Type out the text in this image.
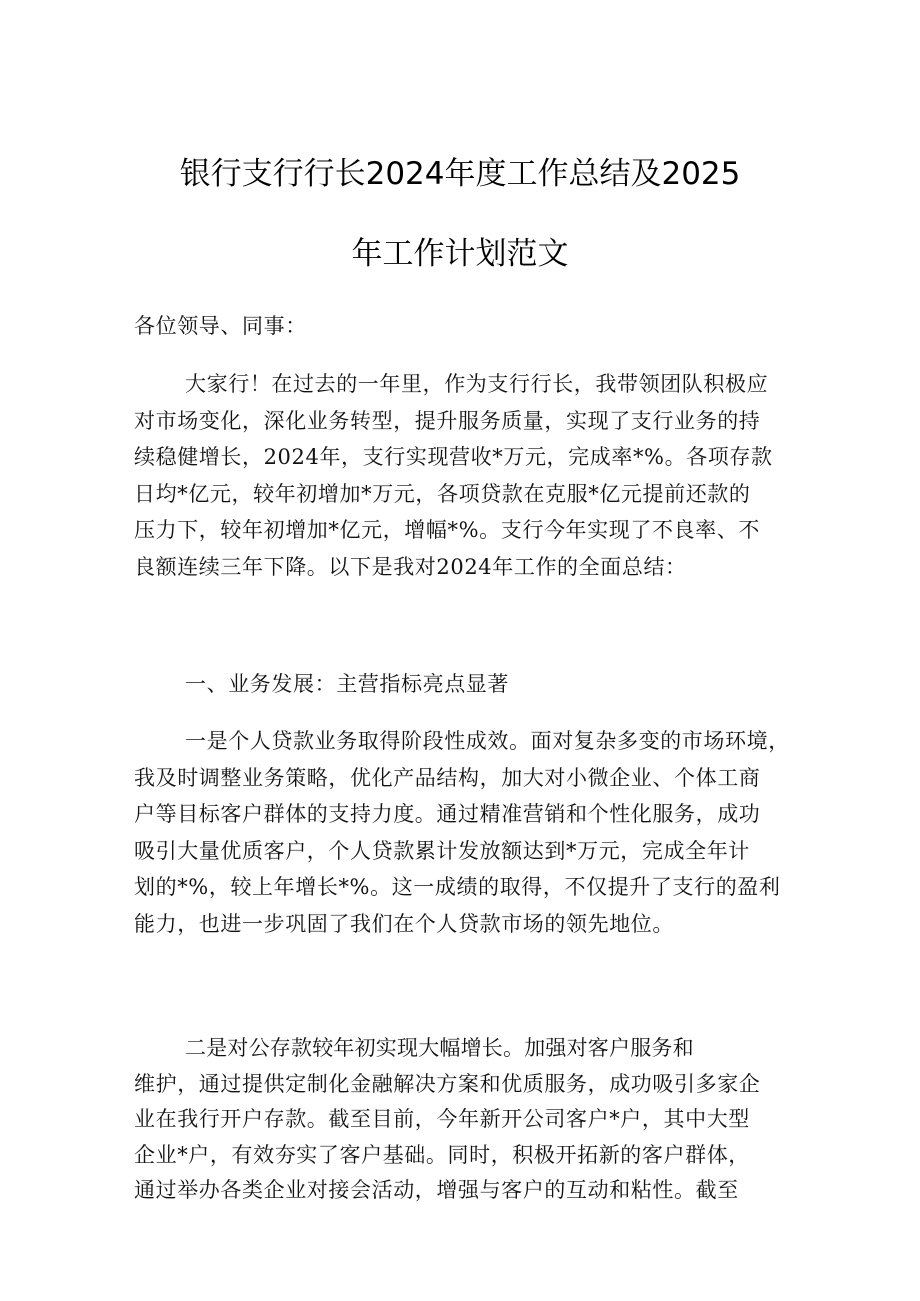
银行支行行长2024年度工作总结及2025
年工作计划范文
各位领导、同事：
大家行！在过去的一年里，作为支行行长，我带领团队积极应
对市场变化，深化业务转型，提升服务质量，实现了支行业务的持
续稳健增长，2024年，支行实现营收*万元，完成率*%。各项存款
日均*亿元，较年初增加*万元，各项贷款在克服*亿元提前还款的
压力下，较年初增加*亿元，增幅*%。支行今年实现了不良率、不
良额连续三年下降。以下是我对2024年工作的全面总结：
一、业务发展：主营指标亮点显著
一是个人贷款业务取得阶段性成效。面对复杂多变的市场环境，
我及时调整业务策略，优化产品结构，加大对小微企业、个体工商
户等目标客户群体的支持力度。通过精准营销和个性化服务，成功
吸引大量优质客户，个人贷款累计发放额达到*万元，完成全年计
划的*%，较上年增长*%。这一成绩的取得，不仅提升了支行的盈利
能力，也进一步巩固了我们在个人贷款市场的领先地位。
二是对公存款较年初实现大幅增长。加强对客户服务和
维护，通过提供定制化金融解决方案和优质服务，成功吸引多家企
业在我行开户存款。截至目前，今年新开公司客户*户，其中大型
企业*户，有效夯实了客户基础。同时，积极开拓新的客户群体，
通过举办各类企业对接会活动，增强与客户的互动和粘性。截至
